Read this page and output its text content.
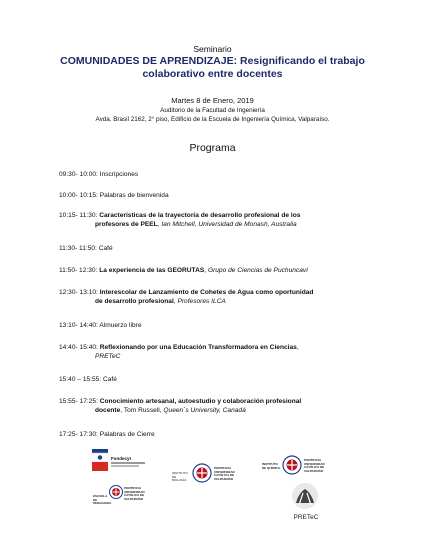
Seminario
COMUNIDADES DE APRENDIZAJE: Resignificando el trabajo
colaborativo entre docentes
Martes 8 de Enero, 2019
Auditorio de la Facultad de Ingeniería
Avda. Brasil 2162, 2° piso, Edificio de la Escuela de Ingeniería Química, Valparaíso.
Programa
09:30- 10:00: Inscripciones
10:00- 10:15: Palabras de bienvenida
10:15- 11:30: Características de la trayectoria de desarrollo profesional de los
profesores de PEEL, Ian Mitchell, Universidad de Monash, Australia
11:30- 11:50: Café
11:50- 12:30: La experiencia de las GEORUTAS, Grupo de Ciencias de Puchuncaví
12:30- 13:10: Interescolar de Lanzamiento de Cohetes de Agua como oportunidad
de desarrollo profesional, Profesores ILCA
13:10- 14:40: Almuerzo libre
14:40- 15:40: Reflexionando por una Educación Transformadora en Ciencias,
PRETeC
15:40 – 15:55: Café
15:55- 17:25: Conocimiento artesanal, autoestudio y colaboración profesional
docente, Tom Russell, Queen´s University, Canadá
17:25- 17:30: Palabras de Cierre
Fondecyt
ESCUELA DE PEDAGOGÍA
PONTIFICIA UNIVERSIDAD CATÓLICA DE VALPARAÍSO
INSTITUTO DE BIOLOGÍA
PONTIFICIA UNIVERSIDAD CATÓLICA DE VALPARAÍSO
INSTITUTO DE QUÍMICA
PONTIFICIA UNIVERSIDAD CATÓLICA DE VALPARAÍSO
PRETeC
